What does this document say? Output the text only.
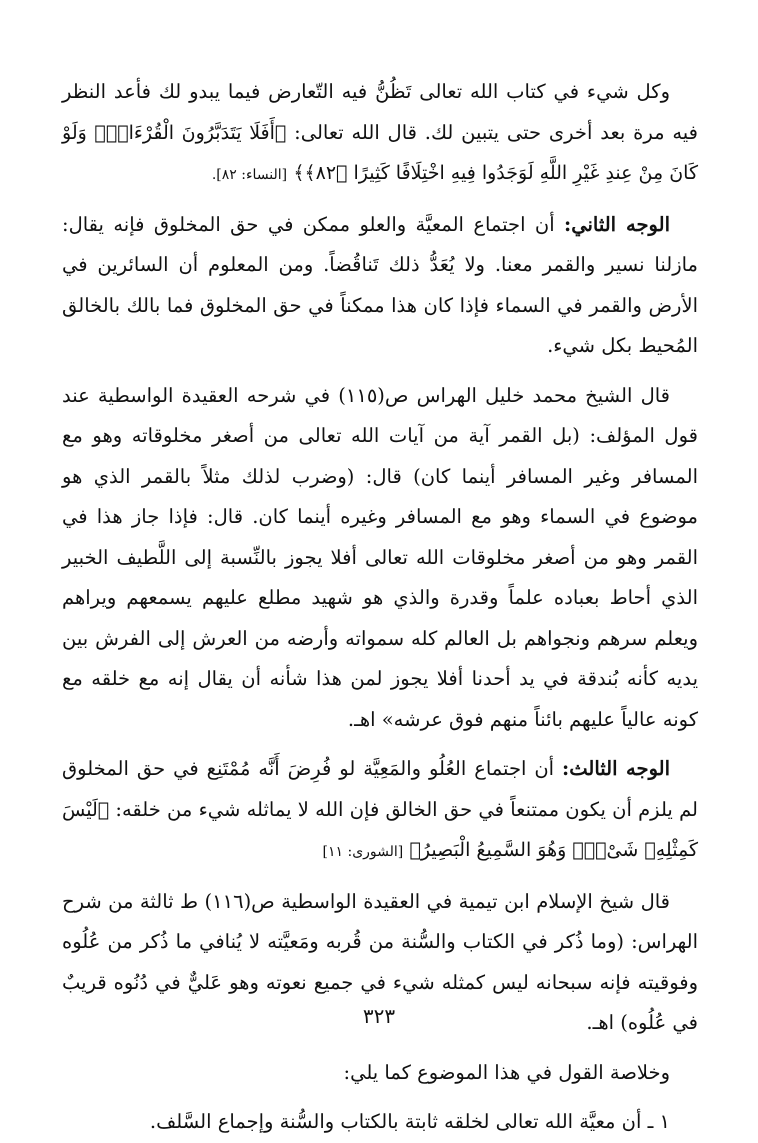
وكل شيء في كتاب الله تعالى تَظُنُّ فيه التّعارض فيما يبدو لك فأعد النظر فيه مرة بعد أخرى حتى يتبين لك. قال الله تعالى: ﴿أَفَلَا يَتَدَبَّرُونَ الْقُرْءَانَۚ وَلَوْ كَانَ مِنْ عِندِ غَيْرِ اللَّهِ لَوَجَدُوا فِيهِ اخْتِلَافًا كَثِيرًا ﴿٨٢﴾﴾ [النساء: ٨٢].

الوجه الثاني: أن اجتماع المعيَّة والعلو ممكن في حق المخلوق فإنه يقال: مازلنا نسير والقمر معنا. ولا يُعَدُّ ذلك تَناقُضاً. ومن المعلوم أن السائرين في الأرض والقمر في السماء فإذا كان هذا ممكناً في حق المخلوق فما بالك بالخالق المُحيط بكل شيء.

قال الشيخ محمد خليل الهراس ص(١١٥) في شرحه العقيدة الواسطية عند قول المؤلف: (بل القمر آية من آيات الله تعالى من أصغر مخلوقاته وهو مع المسافر وغير المسافر أينما كان) قال: (وضرب لذلك مثلاً بالقمر الذي هو موضوع في السماء وهو مع المسافر وغيره أينما كان. قال: فإذا جاز هذا في القمر وهو من أصغر مخلوقات الله تعالى أفلا يجوز بالنِّسبة إلى اللَّطيف الخبير الذي أحاط بعباده علماً وقدرة والذي هو شهيد مطلع عليهم يسمعهم ويراهم ويعلم سرهم ونجواهم بل العالم كله سمواته وأرضه من العرش إلى الفرش بين يديه كأنه بُندقة في يد أحدنا أفلا يجوز لمن هذا شأنه أن يقال إنه مع خلقه مع كونه عالياً عليهم بائناً منهم فوق عرشه» اهـ.

الوجه الثالث: أن اجتماع العُلُو والمَعِيَّة لو فُرِضَ أَنَّه مُمْتَنِع في حق المخلوق لم يلزم أن يكون ممتنعاً في حق الخالق فإن الله لا يماثله شيء من خلقه: ﴿لَيْسَ كَمِثْلِهِۦ شَىْءٌۖ وَهُوَ السَّمِيعُ الْبَصِيرُ﴾ [الشورى: ١١]

قال شيخ الإسلام ابن تيمية في العقيدة الواسطية ص(١١٦) ط ثالثة من شرح الهراس: (وما ذُكر في الكتاب والسُّنة من قُربه ومَعيَّته لا يُنافي ما ذُكر من عُلُوه وفوقيته فإنه سبحانه ليس كمثله شيء في جميع نعوته وهو عَليٌّ في دُنُوه قريبٌ في عُلُوه) اهـ.

وخلاصة القول في هذا الموضوع كما يلي:

١ ـ أن معيَّة الله تعالى لخلقه ثابتة بالكتاب والسُّنة وإجماع السَّلف.

٣٢٣
